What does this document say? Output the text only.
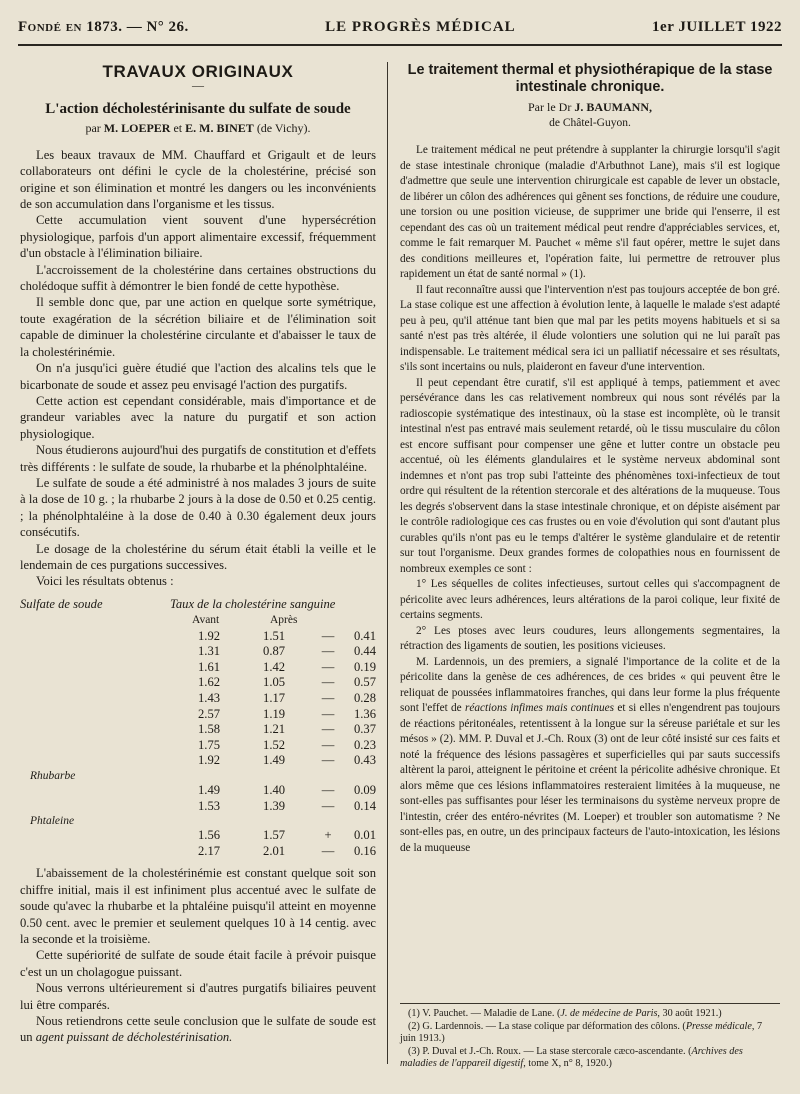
Fondé en 1873. — N° 26.	LE PROGRÈS MÉDICAL	1er JUILLET 1922
TRAVAUX ORIGINAUX
—
L'action décholestérinisante du sulfate de soude
par M. LOEPER et E. M. BINET (de Vichy).

Les beaux travaux de MM. Chauffard et Grigault et de leurs collaborateurs ont défini le cycle de la cholestérine, précisé son origine et son élimination et montré les dangers ou les inconvénients de son accumulation dans l'organisme et les tissus.

Cette accumulation vient souvent d'une hypersécrétion physiologique, parfois d'un apport alimentaire excessif, fréquemment d'un obstacle à l'élimination biliaire.

L'accroissement de la cholestérine dans certaines obstructions du cholédoque suffit à démontrer le bien fondé de cette hypothèse.

Il semble donc que, par une action en quelque sorte symétrique, toute exagération de la sécrétion biliaire et de l'élimination soit capable de diminuer la cholestérine circulante et d'abaisser le taux de la cholestérinémie.

On n'a jusqu'ici guère étudié que l'action des alcalins tels que le bicarbonate de soude et assez peu envisagé l'action des purgatifs.

Cette action est cependant considérable, mais d'importance et de grandeur variables avec la nature du purgatif et son action physiologique.

Nous étudierons aujourd'hui des purgatifs de constitution et d'effets très différents : le sulfate de soude, la rhubarbe et la phénolphtaléine.

Le sulfate de soude a été administré à nos malades 3 jours de suite à la dose de 10 g. ; la rhubarbe 2 jours à la dose de 0.50 et 0.25 centig. ; la phénolphtaléine à la dose de 0.40 à 0.30 également deux jours consécutifs.

Le dosage de la cholestérine du sérum était établi la veille et le lendemain de ces purgations successives.

Voici les résultats obtenus :

Sulfate de soude	Taux de la cholestérine sanguine
Avant	Après
1.92	1.51	—	0.41
1.31	0.87	—	0.44
1.61	1.42	—	0.19
1.62	1.05	—	0.57
1.43	1.17	—	0.28
2.57	1.19	—	1.36
1.58	1.21	—	0.37
1.75	1.52	—	0.23
1.92	1.49	—	0.43
Rhubarbe
1.49	1.40	—	0.09
1.53	1.39	—	0.14
Phtaleine
1.56	1.57	+	0.01
2.17	2.01	—	0.16

L'abaissement de la cholestérinémie est constant quelque soit son chiffre initial, mais il est infiniment plus accentué avec le sulfate de soude qu'avec la rhubarbe et la phtaléine puisqu'il atteint en moyenne 0.50 cent. avec le premier et seulement quelques 10 à 14 centig. avec la seconde et la troisième.

Cette supériorité de sulfate de soude était facile à prévoir puisque c'est un un cholagogue puissant.

Nous verrons ultérieurement si d'autres purgatifs biliaires peuvent lui être comparés.

Nous retiendrons cette seule conclusion que le sulfate de soude est un agent puissant de décholestérinisation.

Le traitement thermal et physiothérapique de la stase intestinale chronique.
Par le Dr J. BAUMANN,
de Châtel-Guyon.

Le traitement médical ne peut prétendre à supplanter la chirurgie lorsqu'il s'agit de stase intestinale chronique (maladie d'Arbuthnot Lane), mais s'il est logique d'admettre que seule une intervention chirurgicale est capable de lever un obstacle, de libérer un côlon des adhérences qui gênent ses fonctions, de réduire une coudure, une torsion ou une position vicieuse, de supprimer une bride qui l'enserre, il est cependant des cas où un traitement médical peut rendre d'appréciables services, et, comme le fait remarquer M. Pauchet « même s'il faut opérer, mettre le sujet dans des conditions meilleures et, l'opération faite, lui permettre de retrouver plus rapidement un état de santé normal » (1).

Il faut reconnaître aussi que l'intervention n'est pas toujours acceptée de bon gré. La stase colique est une affection à évolution lente, à laquelle le malade s'est adapté peu à peu, qu'il atténue tant bien que mal par les petits moyens habituels et si sa santé n'est pas très altérée, il élude volontiers une solution qui ne lui paraît pas indispensable. Le traitement médical sera ici un palliatif nécessaire et ses résultats, s'ils sont incertains ou nuls, plaideront en faveur d'une intervention.

Il peut cependant être curatif, s'il est appliqué à temps, patiemment et avec persévérance dans les cas relativement nombreux qui nous sont révélés par la radioscopie systématique des intestinaux, où la stase est incomplète, où le transit intestinal n'est pas entravé mais seulement retardé, où le tissu musculaire du côlon est encore suffisant pour compenser une gêne et lutter contre un obstacle peu accentué, où les éléments glandulaires et le système nerveux abdominal sont indemnes et n'ont pas trop subi l'atteinte des phénomènes toxi-infectieux de tout ordre qui résultent de la rétention stercorale et des altérations de la muqueuse. Tous les degrés s'observent dans la stase intestinale chronique, et on dépiste aisément par le contrôle radiologique ces cas frustes ou en voie d'évolution qui sont d'autant plus curables qu'ils n'ont pas eu le temps d'altérer le système glandulaire et de retentir sur tout l'organisme. Deux grandes formes de colopathies nous en fournissent de nombreux exemples ce sont :

1° Les séquelles de colites infectieuses, surtout celles qui s'accompagnent de péricolite avec leurs adhérences, leurs altérations de la paroi colique, leur fixité de certains segments.

2° Les ptoses avec leurs coudures, leurs allongements segmentaires, la rétraction des ligaments de soutien, les positions vicieuses.

M. Lardennois, un des premiers, a signalé l'importance de la colite et de la péricolite dans la genèse de ces adhérences, de ces brides « qui peuvent être le reliquat de poussées inflammatoires franches, qui dans leur forme la plus fréquente sont l'effet de réactions infimes mais continues et si elles n'engendrent pas toujours de réactions péritonéales, retentissent à la longue sur la séreuse pariétale et sur les mésos » (2). MM. P. Duval et J.-Ch. Roux (3) ont de leur côté insisté sur ces faits et noté la fréquence des lésions passagères et superficielles qui par sauts successifs altèrent la paroi, atteignent le péritoine et créent la péricolite adhésive chronique. Et alors même que ces lésions inflammatoires resteraient limitées à la muqueuse, ne sont-elles pas suffisantes pour léser les terminaisons du système nerveux propre de l'intestin, créer des entéro-névrites (M. Loeper) et troubler son automatisme ? Ne sont-elles pas, en outre, un des principaux facteurs de l'auto-intoxication, les lésions de la muqueuse

(1) V. Pauchet. — Maladie de Lane. (J. de médecine de Paris, 30 août 1921.)
(2) G. Lardennois. — La stase colique par déformation des côlons. (Presse médicale, 7 juin 1913.)
(3) P. Duval et J.-Ch. Roux. — La stase stercorale cæco-ascendante. (Archives des maladies de l'appareil digestif, tome X, n° 8, 1920.)
